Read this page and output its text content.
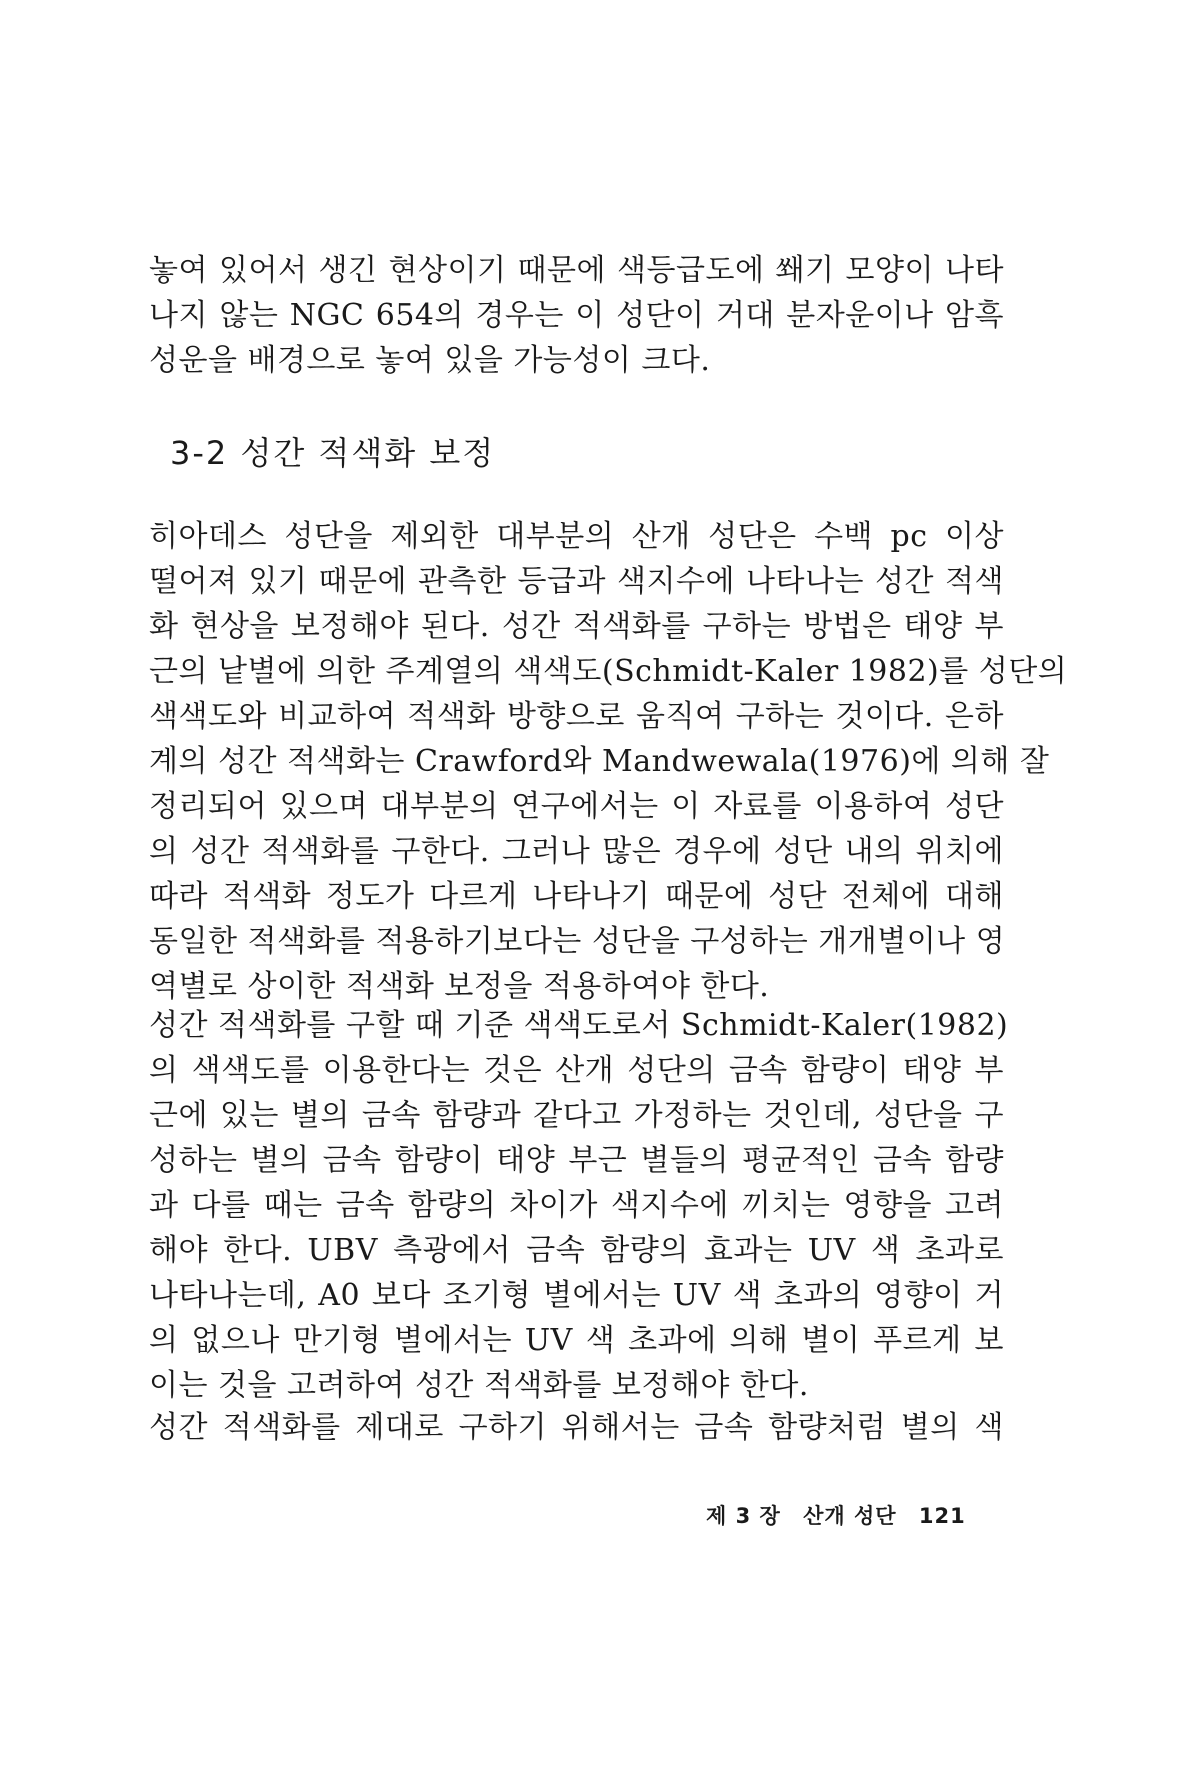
놓여 있어서 생긴 현상이기 때문에 색등급도에 쐐기 모양이 나타
나지 않는 NGC 654의 경우는 이 성단이 거대 분자운이나 암흑
성운을 배경으로 놓여 있을 가능성이 크다.
3-2 성간 적색화 보정
히아데스 성단을 제외한 대부분의 산개 성단은 수백 pc 이상
떨어져 있기 때문에 관측한 등급과 색지수에 나타나는 성간 적색
화 현상을 보정해야 된다. 성간 적색화를 구하는 방법은 태양 부
근의 낱별에 의한 주계열의 색색도(Schmidt-Kaler 1982)를 성단의
색색도와 비교하여 적색화 방향으로 움직여 구하는 것이다. 은하
계의 성간 적색화는 Crawford와 Mandwewala(1976)에 의해 잘
정리되어 있으며 대부분의 연구에서는 이 자료를 이용하여 성단
의 성간 적색화를 구한다. 그러나 많은 경우에 성단 내의 위치에
따라 적색화 정도가 다르게 나타나기 때문에 성단 전체에 대해
동일한 적색화를 적용하기보다는 성단을 구성하는 개개별이나 영
역별로 상이한 적색화 보정을 적용하여야 한다.
성간 적색화를 구할 때 기준 색색도로서 Schmidt-Kaler(1982)
의 색색도를 이용한다는 것은 산개 성단의 금속 함량이 태양 부
근에 있는 별의 금속 함량과 같다고 가정하는 것인데, 성단을 구
성하는 별의 금속 함량이 태양 부근 별들의 평균적인 금속 함량
과 다를 때는 금속 함량의 차이가 색지수에 끼치는 영향을 고려
해야 한다. UBV 측광에서 금속 함량의 효과는 UV 색 초과로
나타나는데, A0 보다 조기형 별에서는 UV 색 초과의 영향이 거
의 없으나 만기형 별에서는 UV 색 초과에 의해 별이 푸르게 보
이는 것을 고려하여 성간 적색화를 보정해야 한다.
성간 적색화를 제대로 구하기 위해서는 금속 함량처럼 별의 색
제 3 장 산개 성단 121
